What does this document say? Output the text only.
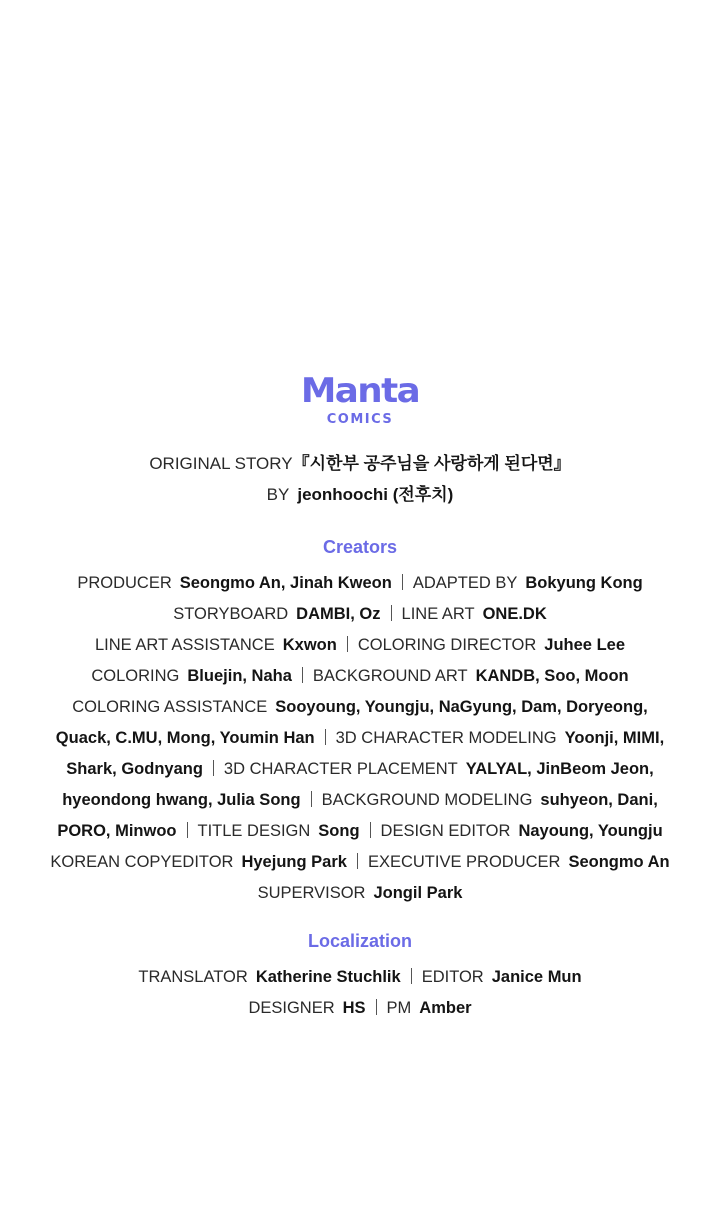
Manta
COMICS
ORIGINAL STORY『시한부 공주님을 사랑하게 된다면』
BY jeonhoochi (전후치)
Creators
PRODUCER Seongmo An, Jinah Kweon ADAPTED BY Bokyung Kong
STORYBOARD DAMBI, Oz LINE ART ONE.DK
LINE ART ASSISTANCE Kxwon COLORING DIRECTOR Juhee Lee
COLORING Bluejin, Naha BACKGROUND ART KANDB, Soo, Moon
COLORING ASSISTANCE Sooyoung, Youngju, NaGyung, Dam, Doryeong,
Quack, C.MU, Mong, Youmin Han 3D CHARACTER MODELING Yoonji, MIMI,
Shark, Godnyang 3D CHARACTER PLACEMENT YALYAL, JinBeom Jeon,
hyeondong hwang, Julia Song BACKGROUND MODELING suhyeon, Dani,
PORO, Minwoo TITLE DESIGN Song DESIGN EDITOR Nayoung, Youngju
KOREAN COPYEDITOR Hyejung Park EXECUTIVE PRODUCER Seongmo An
SUPERVISOR Jongil Park
Localization
TRANSLATOR Katherine Stuchlik EDITOR Janice Mun
DESIGNER HS PM Amber
